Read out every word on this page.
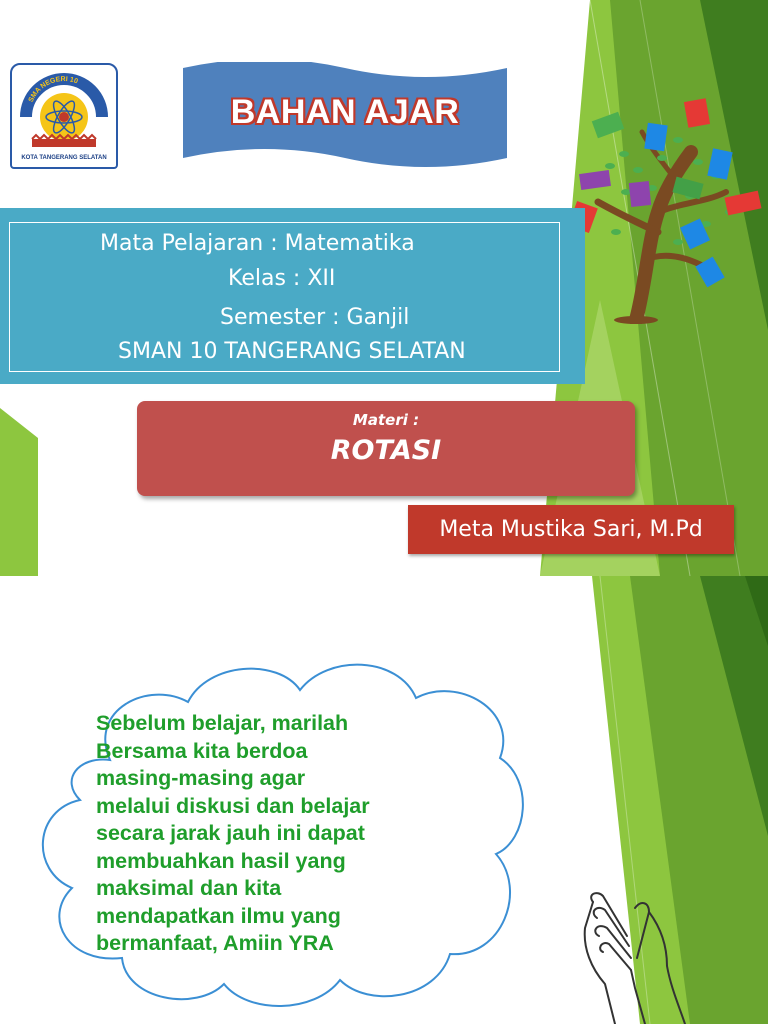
SMA NEGERI 10
KOTA TANGERANG SELATAN
BAHAN AJAR
Mata Pelajaran : Matematika
Kelas : XII
Semester : Ganjil
SMAN 10 TANGERANG SELATAN
Materi :
ROTASI
Meta Mustika Sari, M.Pd
Sebelum belajar, marilah
Bersama kita berdoa
masing-masing agar
melalui diskusi dan belajar
secara jarak jauh ini dapat
membuahkan hasil yang
maksimal dan kita
mendapatkan ilmu yang
bermanfaat, Amiin YRA
